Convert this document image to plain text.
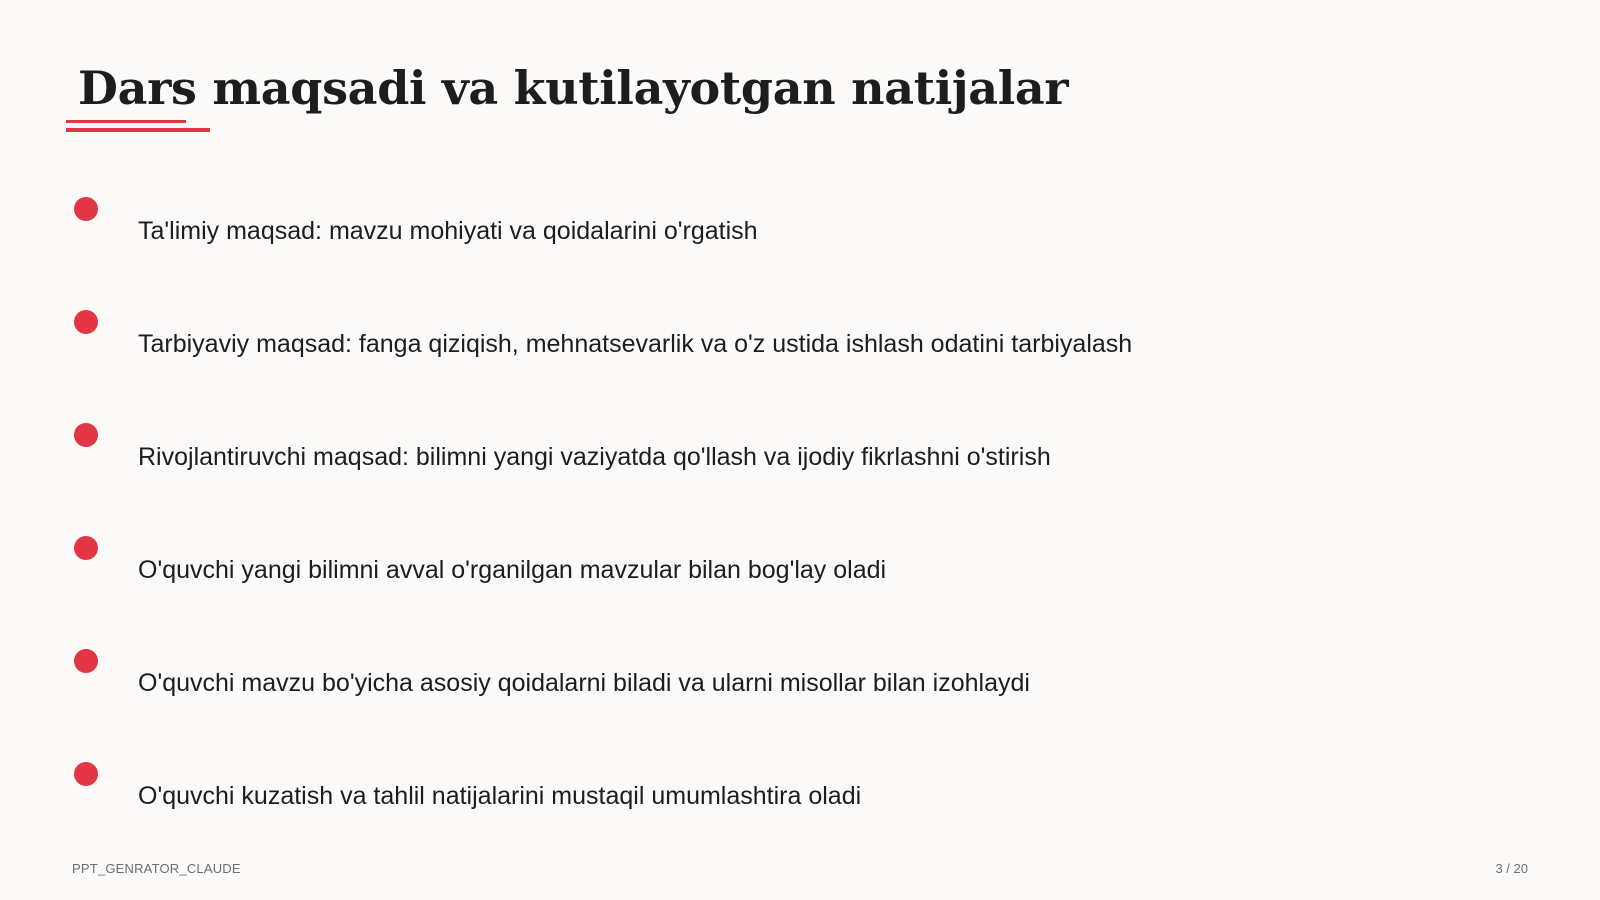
Dars maqsadi va kutilayotgan natijalar
Ta'limiy maqsad: mavzu mohiyati va qoidalarini o'rgatish
Tarbiyaviy maqsad: fanga qiziqish, mehnatsevarlik va o'z ustida ishlash odatini tarbiyalash
Rivojlantiruvchi maqsad: bilimni yangi vaziyatda qo'llash va ijodiy fikrlashni o'stirish
O'quvchi yangi bilimni avval o'rganilgan mavzular bilan bog'lay oladi
O'quvchi mavzu bo'yicha asosiy qoidalarni biladi va ularni misollar bilan izohlaydi
O'quvchi kuzatish va tahlil natijalarini mustaqil umumlashtira oladi
PPT_GENRATOR_CLAUDE	3 / 20
